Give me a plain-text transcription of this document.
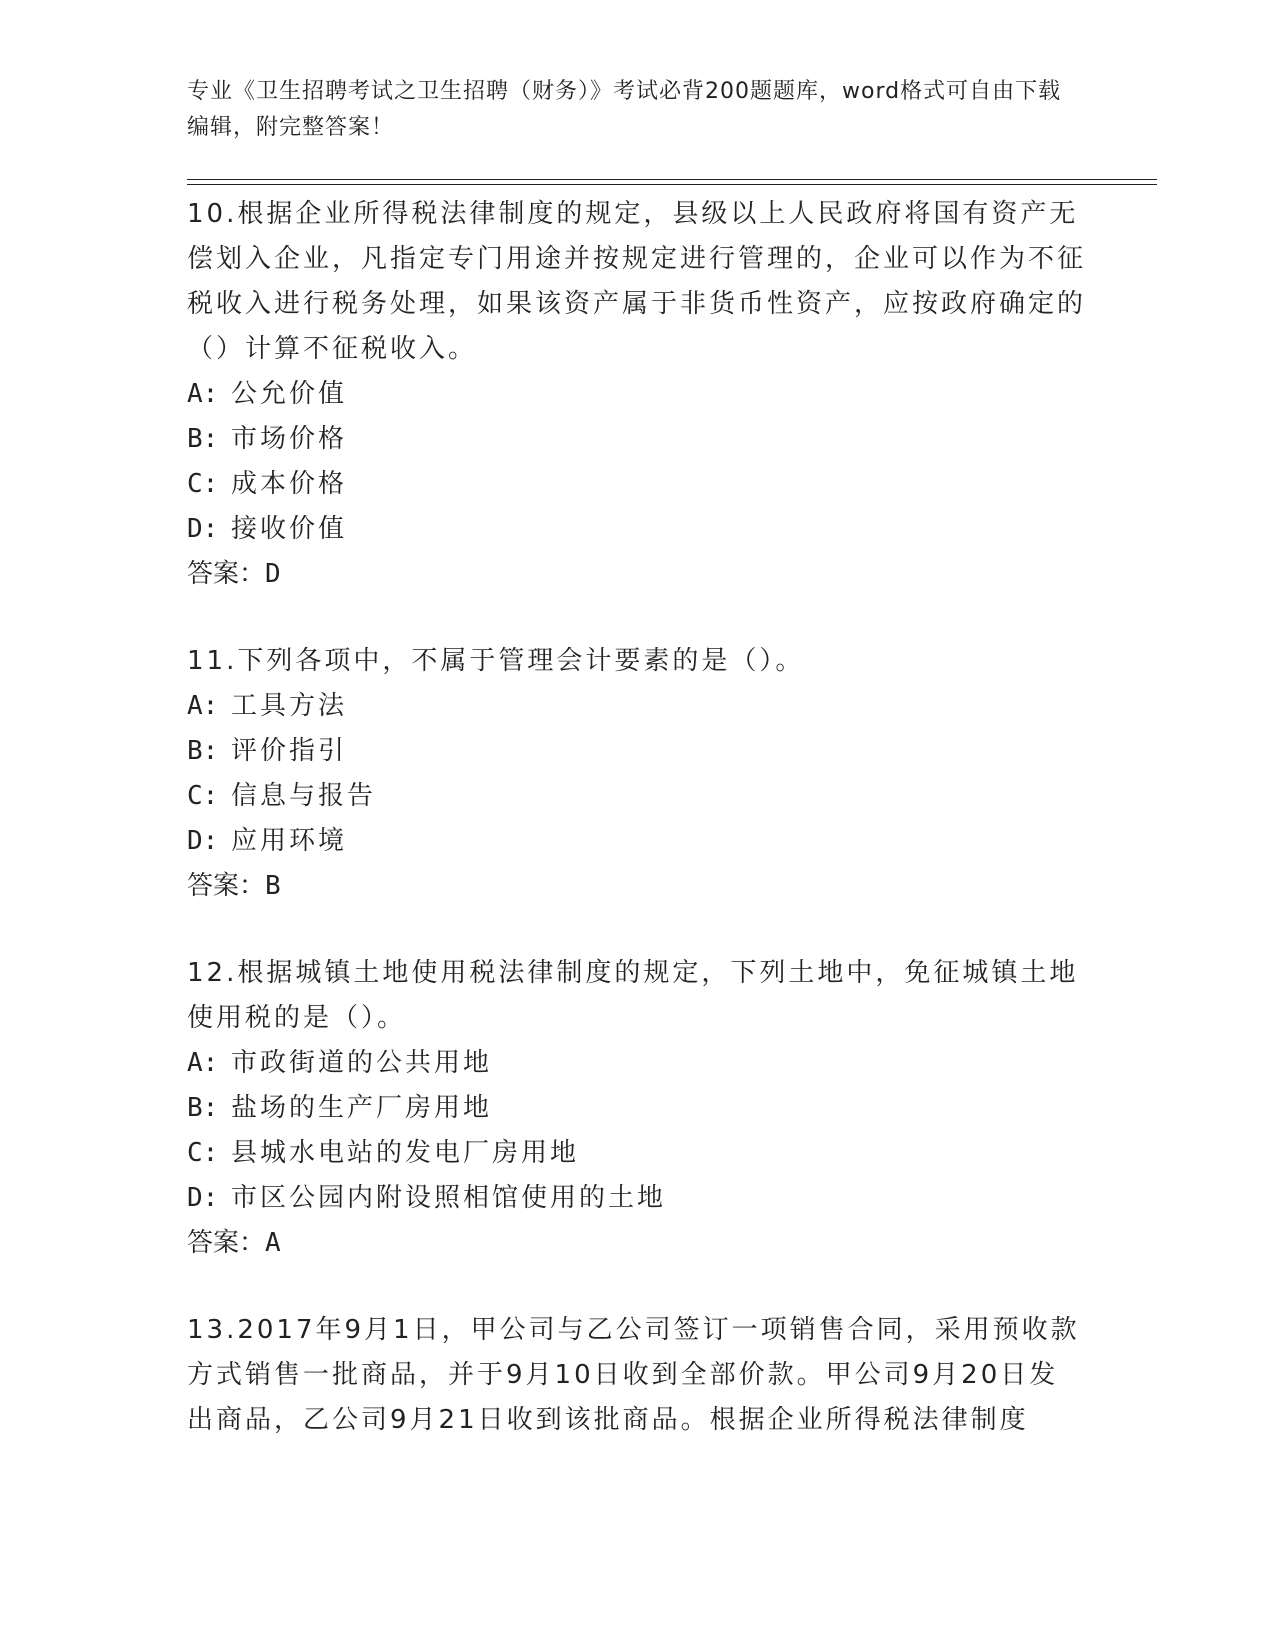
专业《卫生招聘考试之卫生招聘（财务）》考试必背200题题库，word格式可自由下载编辑，附完整答案！

10.根据企业所得税法律制度的规定，县级以上人民政府将国有资产无偿划入企业，凡指定专门用途并按规定进行管理的，企业可以作为不征税收入进行税务处理，如果该资产属于非货币性资产，应按政府确定的（）计算不征税收入。

A: 公允价值

B: 市场价格

C: 成本价格

D: 接收价值

答案：D

11.下列各项中，不属于管理会计要素的是（）。

A: 工具方法

B: 评价指引

C: 信息与报告

D: 应用环境

答案：B

12.根据城镇土地使用税法律制度的规定，下列土地中，免征城镇土地使用税的是（）。

A: 市政街道的公共用地

B: 盐场的生产厂房用地

C: 县城水电站的发电厂房用地

D: 市区公园内附设照相馆使用的土地

答案：A

13.2017年9月1日，甲公司与乙公司签订一项销售合同，采用预收款方式销售一批商品，并于9月10日收到全部价款。甲公司9月20日发出商品，乙公司9月21日收到该批商品。根据企业所得税法律制度
